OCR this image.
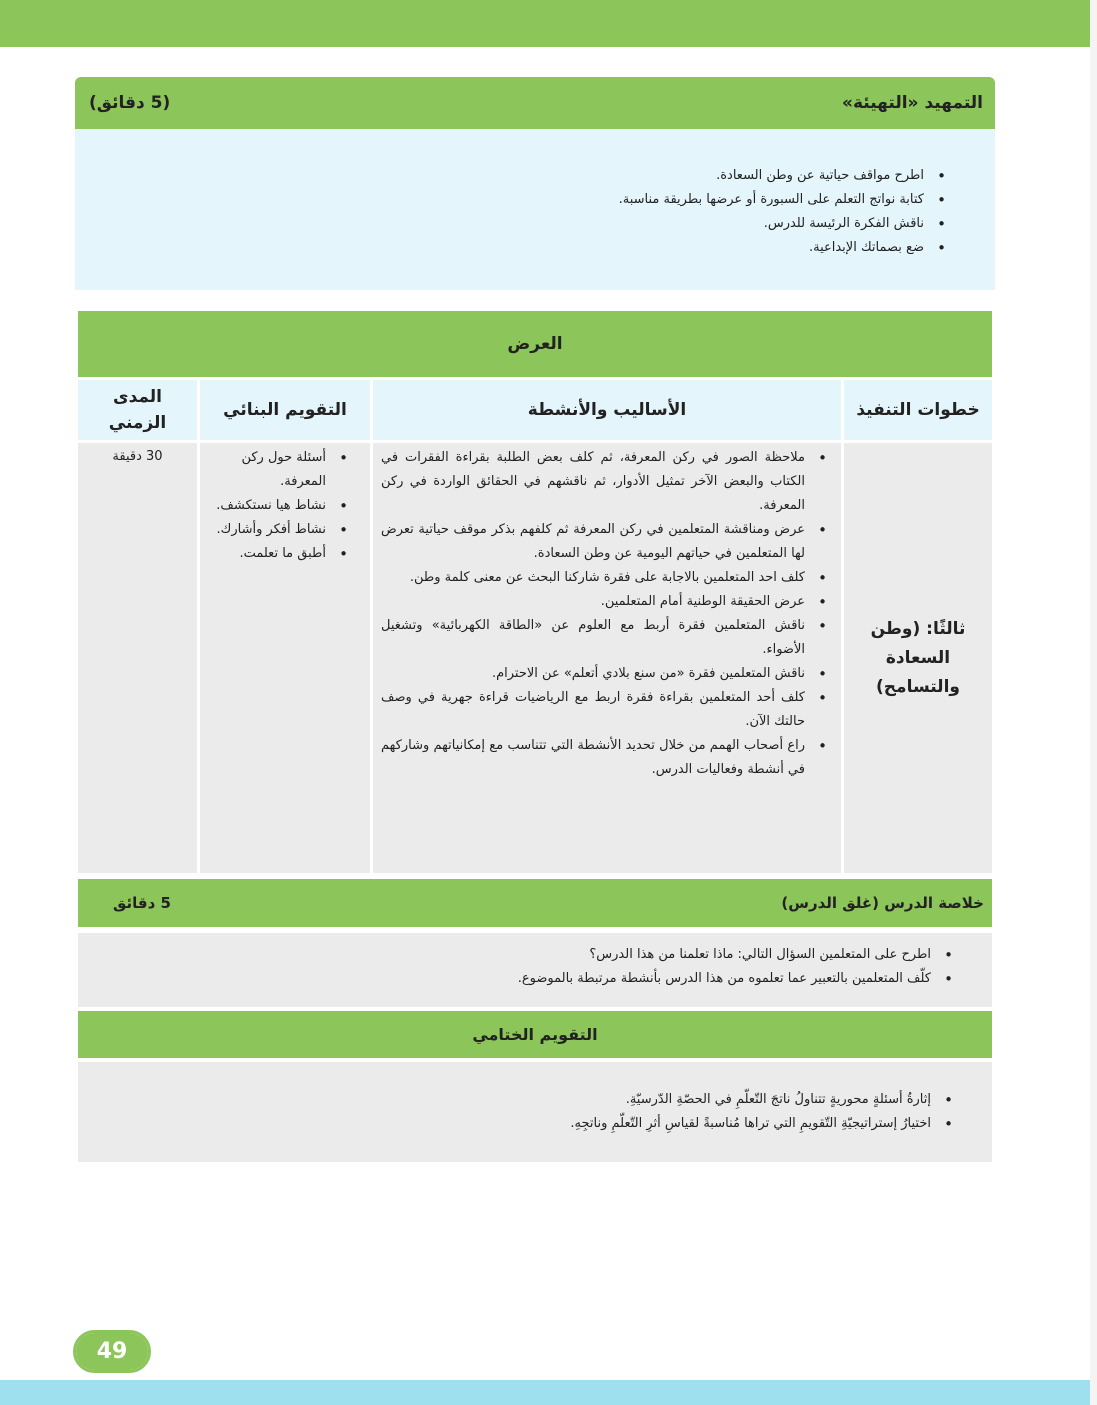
التمهيد «التهيئة»
(5 دقائق)
• اطرح مواقف حياتية عن وطن السعادة.
• كتابة نواتج التعلم على السبورة أو عرضها بطريقة مناسبة.
• ناقش الفكرة الرئيسة للدرس.
• ضع بصماتك الإبداعية.
العرض
خطوات التنفيذ
الأساليب والأنشطة
التقويم البنائي
المدى الزمني
ثالثًا: (وطن السعادة والتسامح)
• ملاحظة الصور في ركن المعرفة، ثم كلف بعض الطلبة بقراءة الفقرات في الكتاب والبعض الآخر تمثيل الأدوار، ثم ناقشهم في الحقائق الواردة في ركن المعرفة.
• عرض ومناقشة المتعلمين في ركن المعرفة ثم كلفهم بذكر موقف حياتية تعرض لها المتعلمين في حياتهم اليومية عن وطن السعادة.
• كلف احد المتعلمين بالاجابة على فقرة شاركنا البحث عن معنى كلمة وطن.
• عرض الحقيقة الوطنية أمام المتعلمين.
• ناقش المتعلمين فقرة أربط مع العلوم عن «الطاقة الكهربائية» وتشغيل الأضواء.
• ناقش المتعلمين فقرة «من سنع بلادي أتعلم» عن الاحترام.
• كلف أحد المتعلمين بقراءة فقرة اربط مع الرياضيات قراءة جهرية في وصف حالتك الآن.
• راع أصحاب الهمم من خلال تحديد الأنشطة التي تتناسب مع إمكانياتهم وشاركهم في أنشطة وفعاليات الدرس.
• أسئلة حول ركن المعرفة.
• نشاط هيا نستكشف.
• نشاط أفكر وأشارك.
• أطبق ما تعلمت.
30 دقيقة
خلاصة الدرس (غلق الدرس)
5 دقائق
• اطرح على المتعلمين السؤال التالي: ماذا تعلمنا من هذا الدرس؟
• كلّف المتعلمين بالتعبير عما تعلموه من هذا الدرس بأنشطة مرتبطة بالموضوع.
التقويم الختامي
• إثارةُ أسئلةٍ محوريةٍ تتناولُ ناتجَ التّعلّمِ في الحصّةِ الدّرسيّةِ.
• اختيارُ إستراتيجيّةِ التّقويمِ التي تراها مُناسبةً لقياسِ أثرِ التّعلّمِ وناتجِهِ.
49
